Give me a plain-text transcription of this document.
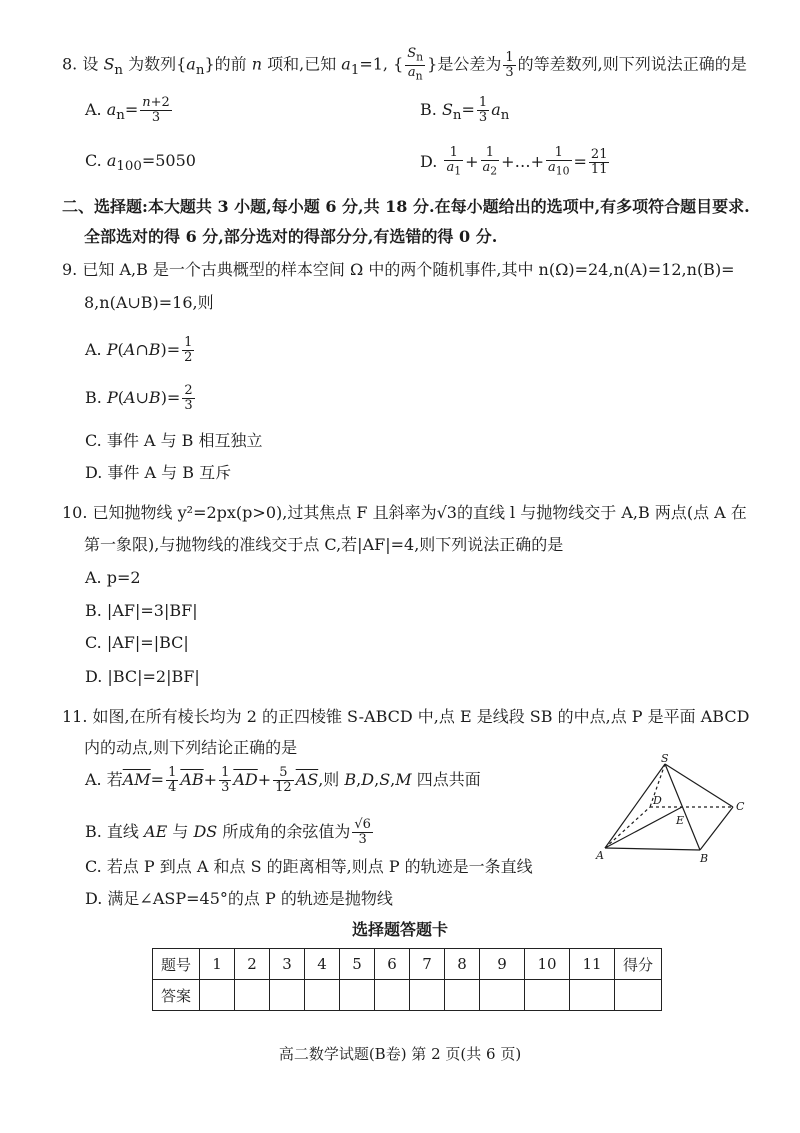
8. 设 $S_n$ 为数列$\{a_n\}$的前 n 项和,已知 $a_1=1$, { $\frac{S_n}{a_n}$ }是公差为 $\frac{1}{3}$ 的等差数列,则下列说法正确的是
A. $a_n= \frac{n+2}{3}$	B. $S_n= \frac{1}{3} a_n$
C. $a_{100}=5050$	D. $\frac{1}{a_1} + \frac{1}{a_2}$ +…+ $\frac{1}{a_{10}} = \frac{21}{11}$
二、选择题:本大题共 3 小题,每小题 6 分,共 18 分.在每小题给出的选项中,有多项符合题目要求.
全部选对的得 6 分,部分选对的得部分分,有选错的得 0 分.
9. 已知 A,B 是一个古典概型的样本空间 Ω 中的两个随机事件,其中 n(Ω)=24,n(A)=12,n(B)=
8,n(A∪B)=16,则
A. P(A∩B)= $\frac{1}{2}$
B. P(A∪B)= $\frac{2}{3}$
C. 事件 A 与 B 相互独立
D. 事件 A 与 B 互斥
10. 已知抛物线 y²=2px(p>0),过其焦点 F 且斜率为√3的直线 l 与抛物线交于 A,B 两点(点 A 在
第一象限),与抛物线的准线交于点 C,若|AF|=4,则下列说法正确的是
A. p=2
B. |AF|=3|BF|
C. |AF|=|BC|
D. |BC|=2|BF|
11. 如图,在所有棱长均为 2 的正四棱锥 S-ABCD 中,点 E 是线段 SB 的中点,点 P 是平面 ABCD
内的动点,则下列结论正确的是
A. 若$\overline{AM}= \frac{1}{4} \overline{AB}+ \frac{1}{3} \overline{AD}+ \frac{5}{12} \overline{AS}$,则 B,D,S,M 四点共面
B. 直线 AE 与 DS 所成角的余弦值为 $\frac{√6}{3}$
C. 若点 P 到点 A 和点 S 的距离相等,则点 P 的轨迹是一条直线
D. 满足∠ASP=45°的点 P 的轨迹是抛物线
S
D	C
E
A	B
选择题答题卡
题号	1	2	3	4	5	6	7	8	9	10	11	得分
答案												
高二数学试题(B卷) 第 2 页(共 6 页)
